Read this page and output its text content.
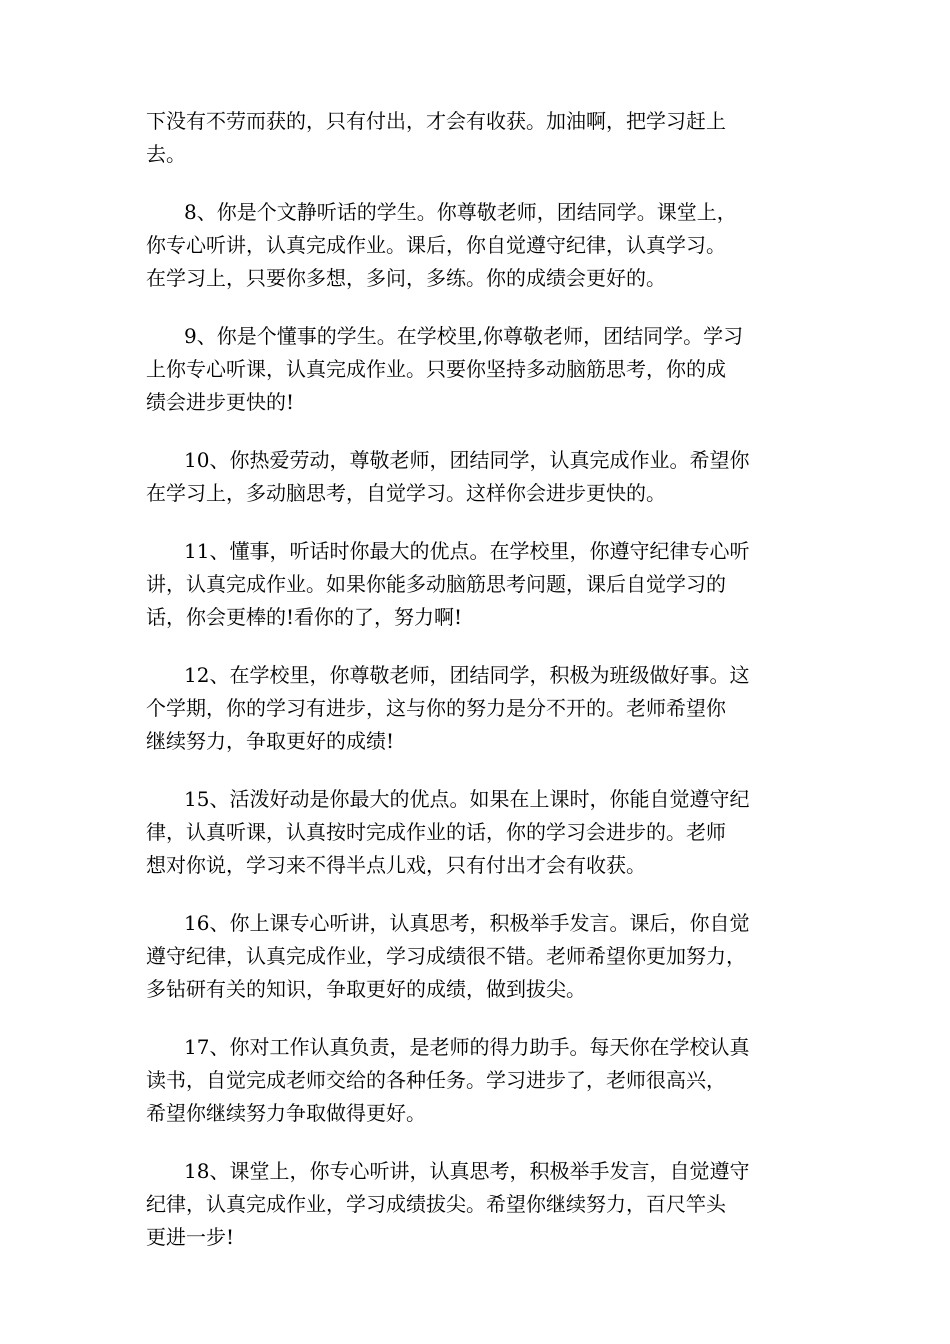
下没有不劳而获的，只有付出，才会有收获。加油啊，把学习赶上
去。

8、你是个文静听话的学生。你尊敬老师，团结同学。课堂上，
你专心听讲，认真完成作业。课后，你自觉遵守纪律，认真学习。
在学习上，只要你多想，多问，多练。你的成绩会更好的。

9、你是个懂事的学生。在学校里,你尊敬老师，团结同学。学习
上你专心听课，认真完成作业。只要你坚持多动脑筋思考，你的成
绩会进步更快的!

10、你热爱劳动，尊敬老师，团结同学，认真完成作业。希望你
在学习上，多动脑思考，自觉学习。这样你会进步更快的。

11、懂事，听话时你最大的优点。在学校里，你遵守纪律专心听
讲，认真完成作业。如果你能多动脑筋思考问题，课后自觉学习的
话，你会更棒的!看你的了，努力啊!

12、在学校里，你尊敬老师，团结同学，积极为班级做好事。这
个学期，你的学习有进步，这与你的努力是分不开的。老师希望你
继续努力，争取更好的成绩!

15、活泼好动是你最大的优点。如果在上课时，你能自觉遵守纪
律，认真听课，认真按时完成作业的话，你的学习会进步的。老师
想对你说，学习来不得半点儿戏，只有付出才会有收获。

16、你上课专心听讲，认真思考，积极举手发言。课后，你自觉
遵守纪律，认真完成作业，学习成绩很不错。老师希望你更加努力，
多钻研有关的知识，争取更好的成绩，做到拔尖。

17、你对工作认真负责，是老师的得力助手。每天你在学校认真
读书，自觉完成老师交给的各种任务。学习进步了，老师很高兴，
希望你继续努力争取做得更好。

18、课堂上，你专心听讲，认真思考，积极举手发言，自觉遵守
纪律，认真完成作业，学习成绩拔尖。希望你继续努力，百尺竿头
更进一步!
